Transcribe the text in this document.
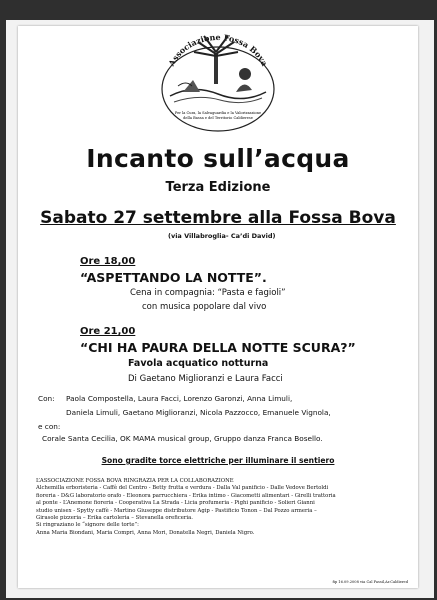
Associazione Fossa Bova
Per la Cura, la Salvaguardia e la Valorizzazione
della Bassa e del Territorio Caldierese
Incanto sull’acqua
Terza Edizione
Sabato 27 settembre alla Fossa Bova
(via Villabroglia- Ca’di David)
Ore 18,00
“ASPETTANDO LA NOTTE”.
Cena in compagnia: “Pasta e fagioli”
con musica popolare dal vivo
Ore 21,00
“CHI HA PAURA DELLA NOTTE SCURA?”
Favola acquatico notturna
Di Gaetano Miglioranzi e Laura Facci
Con: Paola Compostella, Laura Facci, Lorenzo Garonzi, Anna Limuli,
Daniela Limuli, Gaetano Miglioranzi, Nicola Pazzocco, Emanuele Vignola,
e con:
Corale Santa Cecilia, OK MAMA musical group, Gruppo danza Franca Bosello.
Sono gradite torce elettriche per illuminare il sentiero

L’ASSOCIAZIONE FOSSA BOVA RINGRAZIA PER LA COLLABORAZIONE

Alchemilla erboristeria - Caffè del Centro - Betty frutta e verdura - Dalla Val panificio - Dalle Vedove Bertoldi

fioreria - D&G laboratorio orafo - Eleonora parrucchiera - Erika intimo - Giacometti alimentari - Girelli trattoria

al ponte - L’Anemone fioreria - Cooperativa La Strada - Licia profumeria - Pighi panificio - Solieri Gianni

studio unisex - Spytty caffè - Martino Giuseppe distributore Agip - Pastificio Tonon – Dal Pozzo armeria –

Girasole pizzeria – Erika cartoleria – Stevanella oreficeria.

Si ringraziano le “signore delle torte”:

Anna Maria Biondani, Maria Compri, Anna Mori, Donatella Negri, Daniela Nigro.

fip 16.09.2008 via Cal Fassil,Ar.Caldiered
